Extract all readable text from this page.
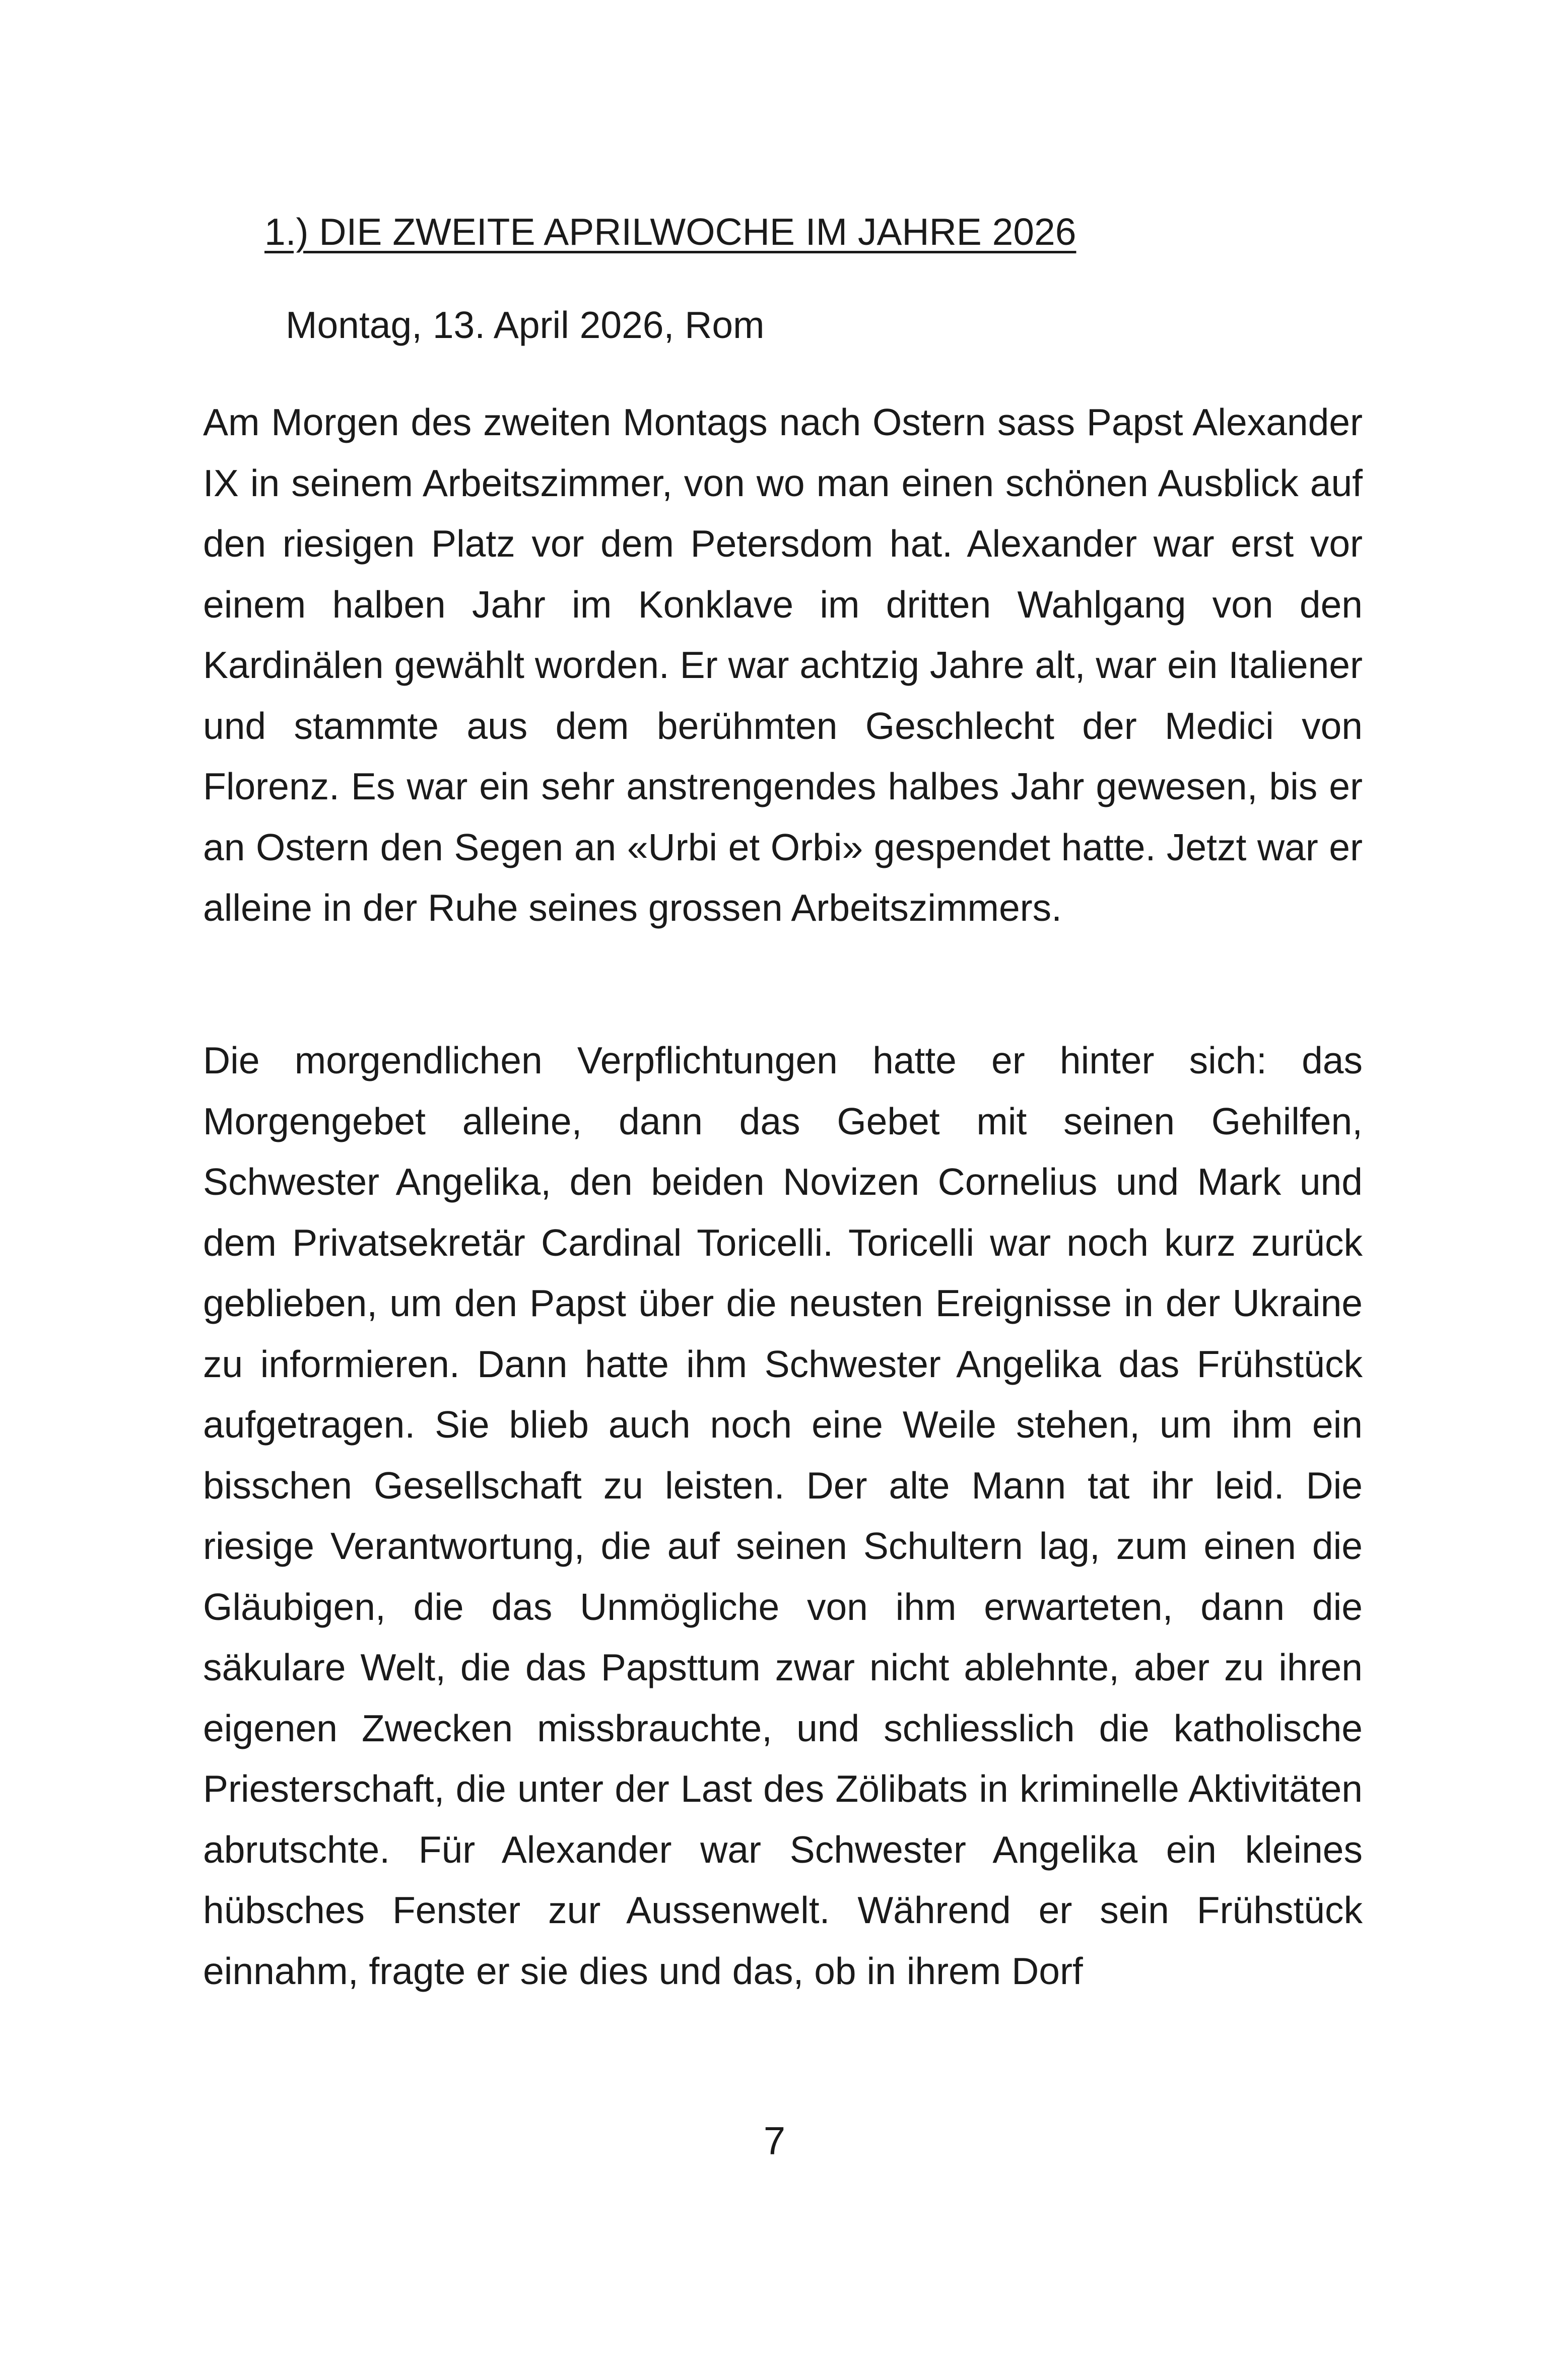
1.) DIE ZWEITE APRILWOCHE IM JAHRE 2026

Montag, 13. April 2026, Rom

Am Morgen des zweiten Montags nach Ostern sass Papst Alexander IX in seinem Arbeitszimmer, von wo man einen schönen Ausblick auf den riesigen Platz vor dem Petersdom hat. Alexander war erst vor einem halben Jahr im Konklave im dritten Wahlgang von den Kardinälen gewählt worden. Er war achtzig Jahre alt, war ein Italiener und stammte aus dem berühmten Geschlecht der Medici von Florenz. Es war ein sehr anstrengendes halbes Jahr gewesen, bis er an Ostern den Segen an «Urbi et Orbi» gespendet hatte. Jetzt war er alleine in der Ruhe seines grossen Arbeitszimmers.

Die morgendlichen Verpflichtungen hatte er hinter sich: das Morgengebet alleine, dann das Gebet mit seinen Gehilfen, Schwester Angelika, den beiden Novizen Cornelius und Mark und dem Privatsekretär Cardinal Toricelli. Toricelli war noch kurz zurück geblieben, um den Papst über die neusten Ereignisse in der Ukraine zu informieren. Dann hatte ihm Schwester Angelika das Frühstück aufgetragen. Sie blieb auch noch eine Weile stehen, um ihm ein bisschen Gesellschaft zu leisten. Der alte Mann tat ihr leid. Die riesige Verantwortung, die auf seinen Schultern lag, zum einen die Gläubigen, die das Unmögliche von ihm erwarteten, dann die säkulare Welt, die das Papsttum zwar nicht ablehnte, aber zu ihren eigenen Zwecken missbrauchte, und schliesslich die katholische Priesterschaft, die unter der Last des Zölibats in kriminelle Aktivitäten abrutschte. Für Alexander war Schwester Angelika ein kleines hübsches Fenster zur Aussenwelt. Während er sein Frühstück einnahm, fragte er sie dies und das, ob in ihrem Dorf

7
